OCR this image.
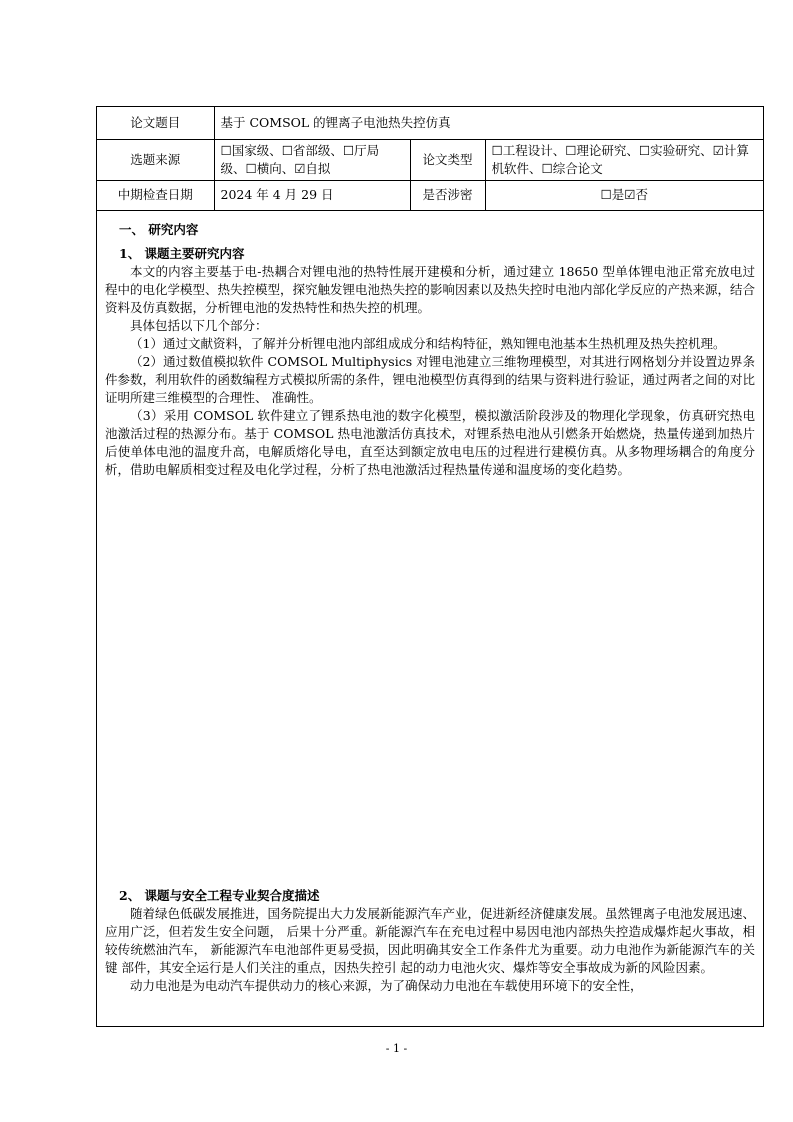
论文题目	基于 COMSOL 的锂离子电池热失控仿真		
选题来源	☐国家级、☐省部级、☐厅局级、☐横向、☑自拟	论文类型	☐工程设计、☐理论研究、☐实验研究、☑计算机软件、☐综合论文
中期检查日期	2024 年 4 月 29 日	是否涉密	☐是☑否
一、 研究内容
1、 课题主要研究内容

本文的内容主要基于电-热耦合对锂电池的热特性展开建模和分析，通过建立 18650 型单体锂电池正常充放电过程中的电化学模型、热失控模型，探究触发锂电池热失控的影响因素以及热失控时电池内部化学反应的产热来源，结合资料及仿真数据，分析锂电池的发热特性和热失控的机理。

具体包括以下几个部分：

（1）通过文献资料，了解并分析锂电池内部组成成分和结构特征，熟知锂电池基本生热机理及热失控机理。

（2）通过数值模拟软件 COMSOL Multiphysics 对锂电池建立三维物理模型，对其进行网格划分并设置边界条件参数，利用软件的函数编程方式模拟所需的条件，锂电池模型仿真得到的结果与资料进行验证，通过两者之间的对比证明所建三维模型的合理性、 准确性。

（3）采用 COMSOL 软件建立了锂系热电池的数字化模型，模拟激活阶段涉及的物理化学现象，仿真研究热电池激活过程的热源分布。基于 COMSOL 热电池激活仿真技术，对锂系热电池从引燃条开始燃烧，热量传递到加热片后使单体电池的温度升高，电解质熔化导电，直至达到额定放电电压的过程进行建模仿真。从多物理场耦合的角度分析，借助电解质相变过程及电化学过程，分析了热电池激活过程热量传递和温度场的变化趋势。

2、 课题与安全工程专业契合度描述

随着绿色低碳发展推进，国务院提出大力发展新能源汽车产业，促进新经济健康发展。虽然锂离子电池发展迅速、应用广泛，但若发生安全问题， 后果十分严重。新能源汽车在充电过程中易因电池内部热失控造成爆炸起火事故，相较传统燃油汽车， 新能源汽车电池部件更易受损，因此明确其安全工作条件尤为重要。动力电池作为新能源汽车的关键 部件，其安全运行是人们关注的重点，因热失控引 起的动力电池火灾、爆炸等安全事故成为新的风险因素。

动力电池是为电动汽车提供动力的核心来源，为了确保动力电池在车载使用环境下的安全性，

- 1 -
